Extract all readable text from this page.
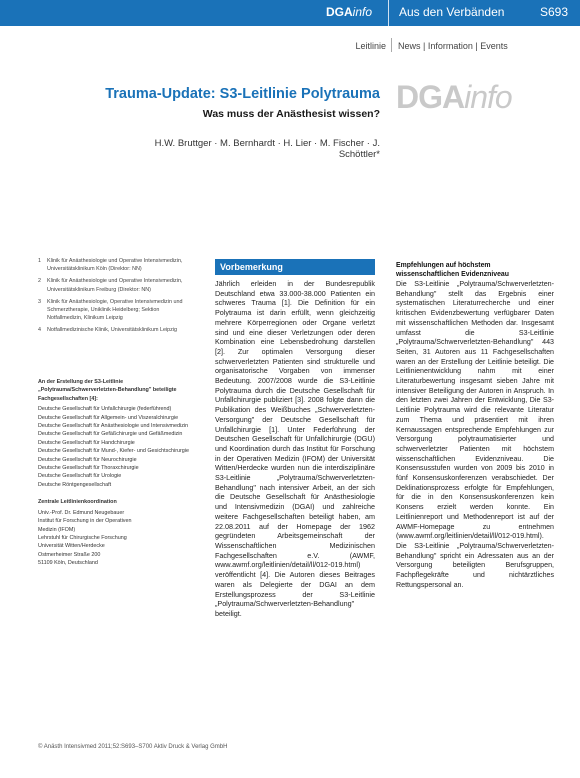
DGAinfo Aus den Verbänden	S693
Leitlinie News | Information | Events
Trauma-Update: S3-Leitlinie Polytrauma
Was muss der Anästhesist wissen? DGAinfo
H.W. Bruttger · M. Bernhardt · H. Lier · M. Fischer · J. Schöttler*
1	Klinik für Anästhesiologie und Operative Intensivmedizin, Universitätsklinikum Köln (Direktor: NN)
2	Klinik für Anästhesiologie und Operative Intensivmedizin, Universitätsklinikum Freiburg (Direktor: NN)
3	Klinik für Anästhesiologie, Operative Intensivmedizin und Schmerztherapie, Uniklinik Heidelberg; Sektion Notfallmedizin, Klinikum Leipzig
4	Notfallmedizinische Klinik, Universitätsklinikum Leipzig
An der Erstellung der S3-Leitlinie „Polytrauma/Schwerverletzten-Behandlung" beteiligte Fachgesellschaften [4]:
Deutsche Gesellschaft für Unfallchirurgie (federführend)
Deutsche Gesellschaft für Allgemein- und Viszeralchirurgie
Deutsche Gesellschaft für Anästhesiologie und Intensivmedizin
Deutsche Gesellschaft für Gefäßchirurgie und Gefäßmedizin
Deutsche Gesellschaft für Handchirurgie
Deutsche Gesellschaft für Mund-, Kiefer- und Gesichtschirurgie
Deutsche Gesellschaft für Neurochirurgie
Deutsche Gesellschaft für Thoraxchirurgie
Deutsche Gesellschaft für Urologie
Deutsche Röntgengesellschaft
Zentrale Leitlinienkoordination
Univ.-Prof. Dr. Edmund Neugebauer
Institut für Forschung in der Operativen
Medizin (IFOM)
Lehrstuhl für Chirurgische Forschung
Universität Witten/Herdecke
Ostmerheimer Straße 200
51109 Köln, Deutschland
Vorbemerkung
Jährlich erleiden in der Bundesrepublik Deutschland etwa 33.000-38.000 Patienten ein schweres Trauma [1]. Die Definition für ein Polytrauma ist darin erfüllt, wenn gleichzeitig mehrere Körperregionen oder Organe verletzt sind und eine dieser Verletzungen oder deren Kombination eine Lebensbedrohung darstellen [2]. Zur optimalen Versorgung dieser schwerverletzten Patienten sind strukturelle und organisatorische Vorgaben von immenser Bedeutung. 2007/2008 wurde die S3-Leitlinie Polytrauma durch die Deutsche Gesellschaft für Unfallchirurgie publiziert [3]. 2008 folgte dann die Publikation des Weißbuches „Schwerverletzten-Versorgung" der Deutsche Gesellschaft für Unfallchirurgie [1]. Unter Federführung der Deutschen Gesellschaft für Unfallchirurgie (DGU) und Koordination durch das Institut für Forschung in der Operativen Medizin (IFOM) der Universität Witten/Herdecke wurden nun die interdisziplinäre S3-Leitlinie „Polytrauma/Schwerverletzten-Behandlung" nach intensiver Arbeit, an der sich die Deutsche Gesellschaft für Anästhesiologie und Intensivmedizin (DGAI) und zahlreiche weitere Fachgesellschaften beteiligt haben, am 22.08.2011 auf der Homepage der 1962 gegründeten Arbeitsgemeinschaft der Wissenschaftlichen Medizinischen Fachgesellschaften e.V. (AWMF, www.awmf.org/leitlinien/detail/ll/012-019.html) veröffentlicht [4]. Die Autoren dieses Beitrages waren als Delegierte der DGAI an dem Erstellungsprozess der S3-Leitlinie „Polytrauma/Schwerverletzten-Behandlung" beteiligt.
Empfehlungen auf höchstem wissenschaftlichen Evidenzniveau
Die S3-Leitlinie „Polytrauma/Schwerverletzten-Behandlung" stellt das Ergebnis einer systematischen Literaturrecherche und einer kritischen Evidenzbewertung verfügbarer Daten mit wissenschaftlichen Methoden dar. Insgesamt umfasst die S3-Leitlinie „Polytrauma/Schwerverletzten-Behandlung" 443 Seiten, 31 Autoren aus 11 Fachgesellschaften waren an der Erstellung der Leitlinie beteiligt. Die Leitlinienentwicklung nahm mit einer Literaturbewertung insgesamt sieben Jahre mit intensiver Beteiligung der Autoren in Anspruch. In den letzten zwei Jahren der Entwicklung, Die S3-Leitlinie Polytrauma wird die relevante Literatur zum Thema und präsentiert mit ihren Kernaussagen entsprechende Empfehlungen zur Versorgung polytraumatisierter und schwerverletzter Patienten mit höchstem wissenschaftlichen Evidenzniveau. Die Konsensusstufen wurden von 2009 bis 2010 in fünf Konsensuskonferenzen verabschiedet. Der Deklinationsprozess erfolgte für Empfehlungen, für die in den Konsensuskonferenzen kein Konsens erzielt werden konnte. Ein Leitlinienreport und Methodenreport ist auf der AWMF-Homepage zu entnehmen (www.awmf.org/leitlinien/detail/ll/012-019.html). Die S3-Leitlinie „Polytrauma/Schwerverletzten-Behandlung" spricht ein Adressaten aus an der Versorgung beteiligten Berufsgruppen, Fachpflegekräfte und nichtärztliches Rettungspersonal an.
© Anästh Intensivmed 2011;52:S693–S700 Aktiv Druck & Verlag GmbH
